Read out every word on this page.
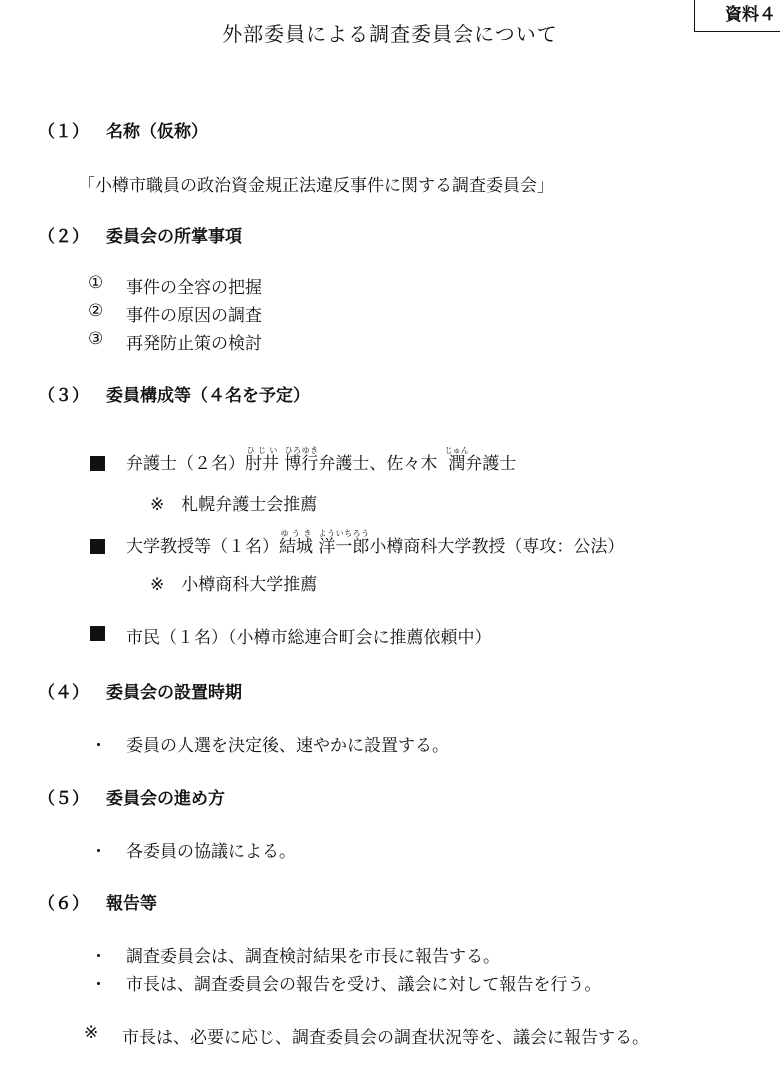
外部委員による調査委員会について
資料４
（１） 名称（仮称）
「小樽市職員の政治資金規正法違反事件に関する調査委員会」
（２） 委員会の所掌事項
① 事件の全容の把握
② 事件の原因の調査
③ 再発防止策の検討
（３） 委員構成等（４名を予定）
弁護士（２名）肘井ひじい 博行ひろゆき弁護士、佐々木 潤じゅん弁護士
※　札幌弁護士会推薦
大学教授等（１名）結城ゆうき 洋一郎よういちろう小樽商科大学教授（専攻：公法）
※　小樽商科大学推薦
市民（１名）（小樽市総連合町会に推薦依頼中）
（４） 委員会の設置時期
・ 委員の人選を決定後、速やかに設置する。
（５） 委員会の進め方
・ 各委員の協議による。
（６） 報告等
・ 調査委員会は、調査検討結果を市長に報告する。
・ 市長は、調査委員会の報告を受け、議会に対して報告を行う。
※ 市長は、必要に応じ、調査委員会の調査状況等を、議会に報告する。
